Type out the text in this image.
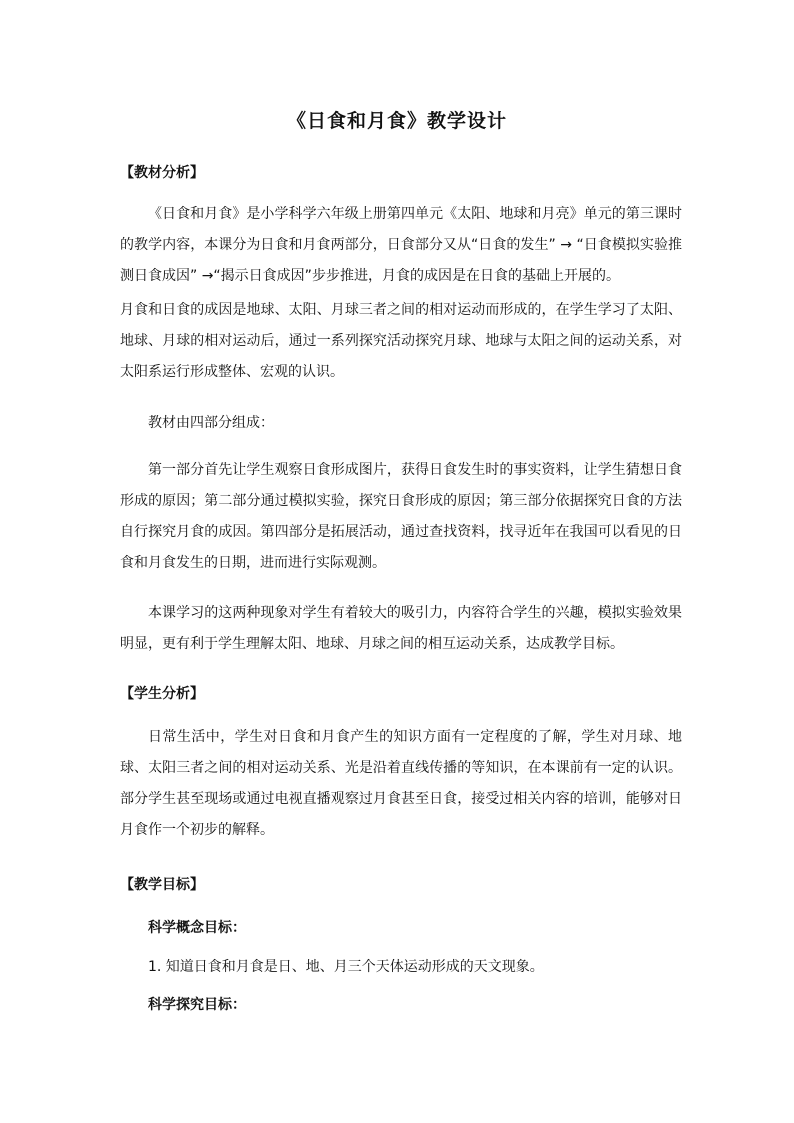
《日食和月食》教学设计
【教材分析】

《日食和月食》是小学科学六年级上册第四单元《太阳、地球和月亮》单元的第三课时的教学内容，本课分为日食和月食两部分，日食部分又从“日食的发生” → “日食模拟实验推测日食成因” →“揭示日食成因”步步推进，月食的成因是在日食的基础上开展的。

月食和日食的成因是地球、太阳、月球三者之间的相对运动而形成的，在学生学习了太阳、地球、月球的相对运动后，通过一系列探究活动探究月球、地球与太阳之间的运动关系，对太阳系运行形成整体、宏观的认识。

教材由四部分组成：

第一部分首先让学生观察日食形成图片，获得日食发生时的事实资料，让学生猜想日食形成的原因；第二部分通过模拟实验，探究日食形成的原因；第三部分依据探究日食的方法自行探究月食的成因。第四部分是拓展活动，通过查找资料，找寻近年在我国可以看见的日食和月食发生的日期，进而进行实际观测。

本课学习的这两种现象对学生有着较大的吸引力，内容符合学生的兴趣，模拟实验效果明显，更有利于学生理解太阳、地球、月球之间的相互运动关系，达成教学目标。

【学生分析】

日常生活中，学生对日食和月食产生的知识方面有一定程度的了解，学生对月球、地球、太阳三者之间的相对运动关系、光是沿着直线传播的等知识，在本课前有一定的认识。部分学生甚至现场或通过电视直播观察过月食甚至日食，接受过相关内容的培训，能够对日月食作一个初步的解释。

【教学目标】
科学概念目标：
1. 知道日食和月食是日、地、月三个天体运动形成的天文现象。
科学探究目标：
